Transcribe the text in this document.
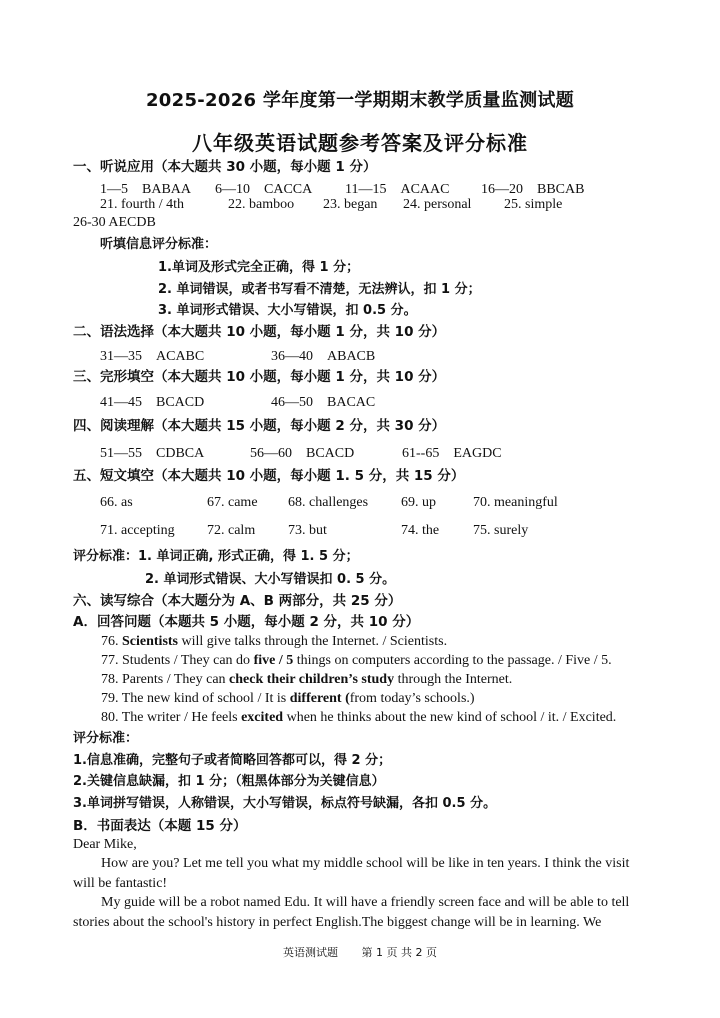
2025-2026 学年度第一学期期末教学质量监测试题
八年级英语试题参考答案及评分标准
一、听说应用（本大题共 30 小题，每小题 1 分）
1—5　BABAA 6—10　CACCA 11—15　ACAAC 16—20　BBCAB
21. fourth / 4th	22. bamboo 23. began 24. personal 25. simple
26-30 AECDB
听填信息评分标准：
1.单词及形式完全正确，得 1 分；
2. 单词错误，或者书写看不清楚，无法辨认，扣 1 分；
3. 单词形式错误、大小写错误，扣 0.5 分。
二、语法选择（本大题共 10 小题，每小题 1 分，共 10 分）
31—35　ACABC	36—40　ABACB
三、完形填空（本大题共 10 小题，每小题 1 分，共 10 分）
41—45　BCACD	46—50　BACAC
四、阅读理解（本大题共 15 小题，每小题 2 分，共 30 分）
51—55　CDBCA	56—60　BCACD	61--65　EAGDC
五、短文填空（本大题共 10 小题，每小题 1. 5 分，共 15 分）
66. as	67. came 68. challenges 69. up	70. meaningful
71. accepting 72. calm 73. but	74. the 75. surely
评分标准：1. 单词正确, 形式正确，得 1. 5 分；
2. 单词形式错误、大小写错误扣 0. 5 分。
六、读写综合（本大题分为 A、B 两部分，共 25 分）
A．回答问题（本题共 5 小题，每小题 2 分，共 10 分）
76. Scientists will give talks through the Internet. / Scientists.
77. Students / They can do five / 5 things on computers according to the passage. / Five / 5.
78. Parents / They can check their children’s study through the Internet.
79. The new kind of school / It is different (from today’s schools.)
80. The writer / He feels excited when he thinks about the new kind of school / it. / Excited.
评分标准：
1.信息准确，完整句子或者简略回答都可以，得 2 分；
2.关键信息缺漏，扣 1 分；（粗黑体部分为关键信息）
3.单词拼写错误，人称错误，大小写错误，标点符号缺漏，各扣 0.5 分。
B．书面表达（本题 15 分）
Dear Mike,
How are you? Let me tell you what my middle school will be like in ten years. I think the visit will be fantastic!
My guide will be a robot named Edu. It will have a friendly screen face and will be able to tell stories about the school's history in perfect English.The biggest change will be in learning. We
英语测试题 第 1 页 共 2 页
